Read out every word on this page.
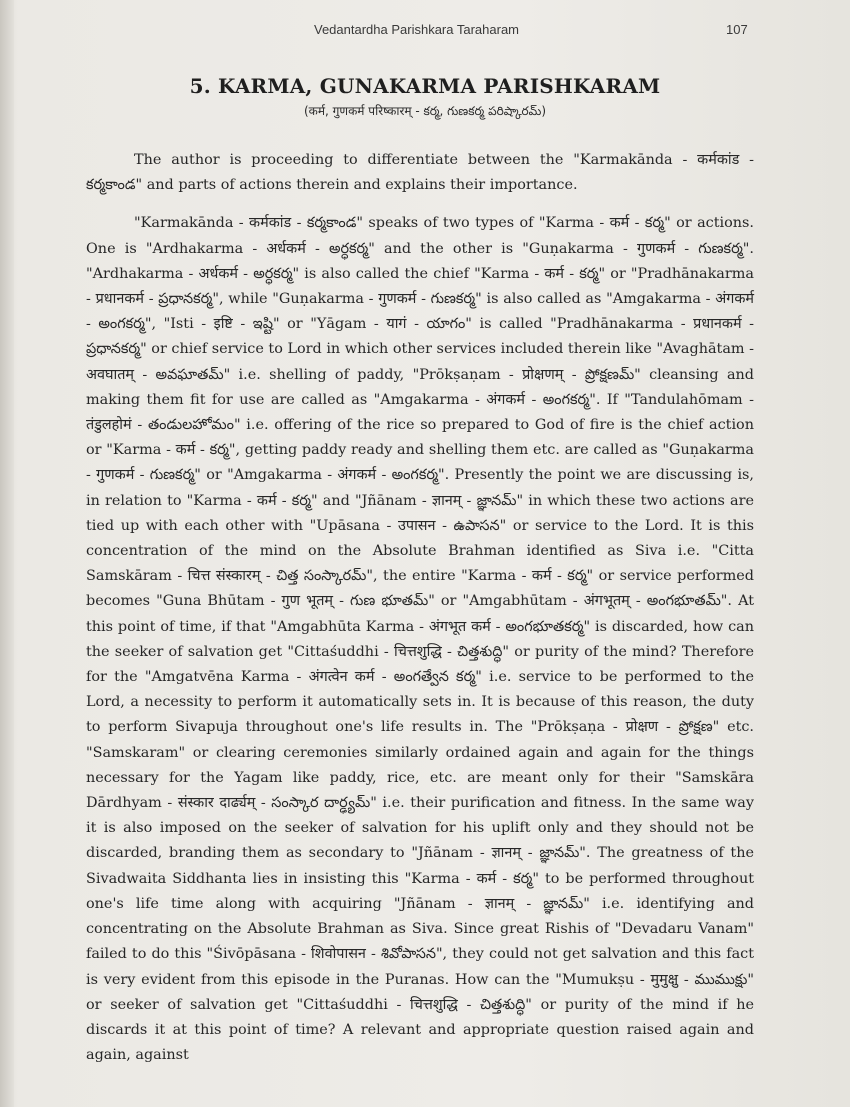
Vedantardha Parishkara Taraharam	107
5. KARMA, GUNAKARMA PARISHKARAM
(कर्म, गुणकर्म परिष्कारम् - కర్మ, గుణకర్మ పరిష్కారమ్)

The author is proceeding to differentiate between the "Karmakānda - कर्मकांड - కర్మకాండ" and parts of actions therein and explains their importance.

"Karmakānda - कर्मकांड - కర్మకాండ" speaks of two types of "Karma - कर्म - కర్మ" or actions. One is "Ardhakarma - अर्धकर्म - అర్ధకర్మ" and the other is "Guṇakarma - गुणकर्म - గుణకర్మ". "Ardhakarma - अर्धकर्म - అర్ధకర్మ" is also called the chief "Karma - कर्म - కర్మ" or "Pradhānakarma - प्रधानकर्म - ప్రధానకర్మ", while "Guṇakarma - गुणकर्म - గుణకర్మ" is also called as "Amgakarma - अंगकर्म - అంగకర్మ", "Isti - इष्टि - ఇష్టి" or "Yāgam - यागं - యాగం" is called "Pradhānakarma - प्रधानकर्म - ప్రధానకర్మ" or chief service to Lord in which other services included therein like "Avaghātam - अवघातम् - అవఘాతమ్" i.e. shelling of paddy, "Prōkṣaṇam - प्रोक्षणम् - ప్రోక్షణమ్" cleansing and making them fit for use are called as "Amgakarma - अंगकर्म - అంగకర్మ". If "Tandulahōmam - तंडुलहोमं - తండులహోమం" i.e. offering of the rice so prepared to God of fire is the chief action or "Karma - कर्म - కర్మ", getting paddy ready and shelling them etc. are called as "Guṇakarma - गुणकर्म - గుణకర్మ" or "Amgakarma - अंगकर्म - అంగకర్మ". Presently the point we are discussing is, in relation to "Karma - कर्म - కర్మ" and "Jñānam - ज्ञानम् - జ్ఞానమ్" in which these two actions are tied up with each other with "Upāsana - उपासन - ఉపాసన" or service to the Lord. It is this concentration of the mind on the Absolute Brahman identified as Siva i.e. "Citta Samskāram - चित्त संस्कारम् - చిత్త సంస్కారమ్", the entire "Karma - कर्म - కర్మ" or service performed becomes "Guna Bhūtam - गुण भूतम् - గుణ భూతమ్" or "Amgabhūtam - अंगभूतम् - అంగభూతమ్". At this point of time, if that "Amgabhūta Karma - अंगभूत कर्म - అంగభూతకర్మ" is discarded, how can the seeker of salvation get "Cittaśuddhi - चित्तशुद्धि - చిత్తశుద్ధి" or purity of the mind? Therefore for the "Amgatvēna Karma - अंगत्वेन कर्म - అంగత్వేన కర్మ" i.e. service to be performed to the Lord, a necessity to perform it automatically sets in. It is because of this reason, the duty to perform Sivapuja throughout one's life results in. The "Prōkṣaṇa - प्रोक्षण - ప్రోక్షణ" etc. "Samskaram" or clearing ceremonies similarly ordained again and again for the things necessary for the Yagam like paddy, rice, etc. are meant only for their "Samskāra Dārdhyam - संस्कार दार्ढ्यम् - సంస్కార దార్ఢ్యమ్" i.e. their purification and fitness. In the same way it is also imposed on the seeker of salvation for his uplift only and they should not be discarded, branding them as secondary to "Jñānam - ज्ञानम् - జ్ఞానమ్". The greatness of the Sivadwaita Siddhanta lies in insisting this "Karma - कर्म - కర్మ" to be performed throughout one's life time along with acquiring "Jñānam - ज्ञानम् - జ్ఞానమ్" i.e. identifying and concentrating on the Absolute Brahman as Siva. Since great Rishis of "Devadaru Vanam" failed to do this "Śivōpāsana - शिवोपासन - శివోపాసన", they could not get salvation and this fact is very evident from this episode in the Puranas. How can the "Mumukṣu - मुमुक्षु - ముముక్షు" or seeker of salvation get "Cittaśuddhi - चित्तशुद्धि - చిత్తశుద్ధి" or purity of the mind if he discards it at this point of time? A relevant and appropriate question raised again and again, against
